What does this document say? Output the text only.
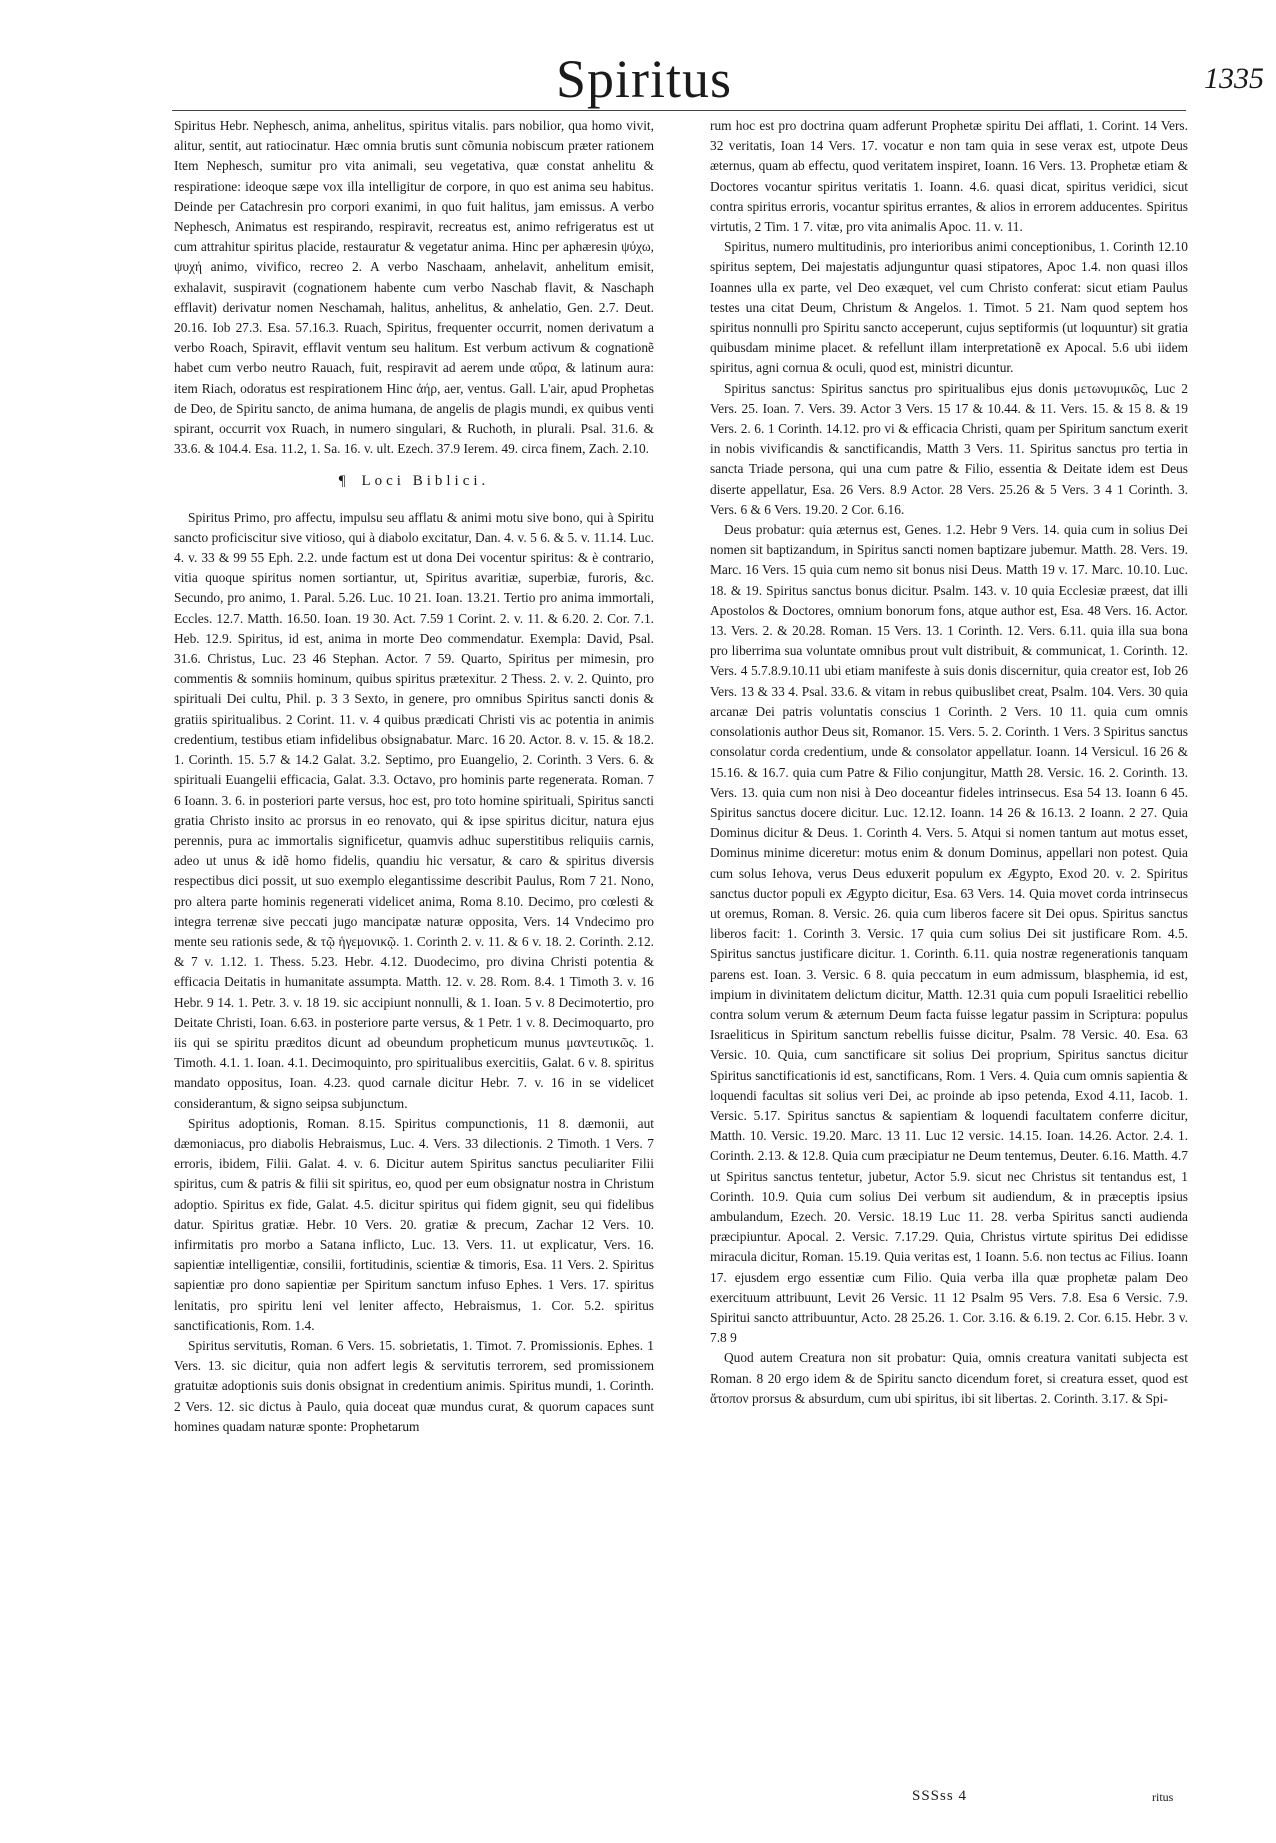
Spiritus	1335

Spiritus Hebr. Nephesch, anima, anhelitus, spiritus vitalis. pars nobilior, qua homo vivit, alitur, sentit, aut ratiocinatur. Hæc omnia brutis sunt cõmunia nobiscum præter rationem Item Nephesch, sumitur pro vita animali, seu vegetativa, quæ constat anhelitu & respiratione: ideoque sæpe vox illa intelligitur de corpore, in quo est anima seu habitus. Deinde per Catachresin pro corpori exanimi, in quo fuit halitus, jam emissus. A verbo Nephesch, Animatus est respirando, respiravit, recreatus est, animo refrigeratus est ut cum attrahitur spiritus placide, restauratur & vegetatur anima. Hinc per aphæresin ψύχω, ψυχή animo, vivifico, recreo 2. A verbo Naschaam, anhelavit, anhelitum emisit, exhalavit, suspiravit (cognationem habente cum verbo Naschab flavit, & Naschaph efflavit) derivatur nomen Neschamah, halitus, anhelitus, & anhelatio, Gen. 2.7. Deut. 20.16. Iob 27.3. Esa. 57.16.3. Ruach, Spiritus, frequenter occurrit, nomen derivatum a verbo Roach, Spiravit, efflavit ventum seu halitum. Est verbum activum & cognationẽ habet cum verbo neutro Rauach, fuit, respiravit ad aerem unde αὔρα, & latinum aura: item Riach, odoratus est respirationem Hinc ἀήρ, aer, ventus. Gall. L'air, apud Prophetas de Deo, de Spiritu sancto, de anima humana, de angelis de plagis mundi, ex quibus venti spirant, occurrit vox Ruach, in numero singulari, & Ruchoth, in plurali. Psal. 31.6. & 33.6. & 104.4. Esa. 11.2, 1. Sa. 16. v. ult. Ezech. 37.9 Ierem. 49. circa finem, Zach. 2.10.

¶ Loci Biblici.

Spiritus Primo, pro affectu, impulsu seu afflatu & animi motu sive bono, qui à Spiritu sancto proficiscitur sive vitioso, qui à diabolo excitatur, Dan. 4. v. 5 6. & 5. v. 11.14. Luc. 4. v. 33 & 99 55 Eph. 2.2. unde factum est ut dona Dei vocentur spiritus: & è contrario, vitia quoque spiritus nomen sortiantur, ut, Spiritus avaritiæ, superbiæ, furoris, &c. Secundo, pro animo, 1. Paral. 5.26. Luc. 10 21. Ioan. 13.21. Tertio pro anima immortali, Eccles. 12.7. Matth. 16.50. Ioan. 19 30. Act. 7.59 1 Corint. 2. v. 11. & 6.20. 2. Cor. 7.1. Heb. 12.9. Spiritus, id est, anima in morte Deo commendatur. Exempla: David, Psal. 31.6. Christus, Luc. 23 46 Stephan. Actor. 7 59. Quarto, Spiritus per mimesin, pro commentis & somniis hominum, quibus spiritus prætexitur. 2 Thess. 2. v. 2. Quinto, pro spirituali Dei cultu, Phil. p. 3 3 Sexto, in genere, pro omnibus Spiritus sancti donis & gratiis spiritualibus. 2 Corint. 11. v. 4 quibus prædicati Christi vis ac potentia in animis credentium, testibus etiam infidelibus obsignabatur. Marc. 16 20. Actor. 8. v. 15. & 18.2. 1. Corinth. 15. 5.7 & 14.2 Galat. 3.2. Septimo, pro Euangelio, 2. Corinth. 3 Vers. 6. & spirituali Euangelii efficacia, Galat. 3.3. Octavo, pro hominis parte regenerata. Roman. 7 6 Ioann. 3. 6. in posteriori parte versus, hoc est, pro toto homine spirituali, Spiritus sancti gratia Christo insito ac prorsus in eo renovato, qui & ipse spiritus dicitur, natura ejus perennis, pura ac immortalis significetur, quamvis adhuc superstitibus reliquiis carnis, adeo ut unus & idẽ homo fidelis, quandiu hic versatur, & caro & spiritus diversis respectibus dici possit, ut suo exemplo elegantissime describit Paulus, Rom 7 21. Nono, pro altera parte hominis regenerati videlicet anima, Roma 8.10. Decimo, pro cœlesti & integra terrenæ sive peccati jugo mancipatæ naturæ opposita, Vers. 14 Vndecimo pro mente seu rationis sede, & τῷ ἡγεμονικῷ. 1. Corinth 2. v. 11. & 6 v. 18. 2. Corinth. 2.12. & 7 v. 1.12. 1. Thess. 5.23. Hebr. 4.12. Duodecimo, pro divina Christi potentia & efficacia Deitatis in humanitate assumpta. Matth. 12. v. 28. Rom. 8.4. 1 Timoth 3. v. 16 Hebr. 9 14. 1. Petr. 3. v. 18 19. sic accipiunt nonnulli, & 1. Ioan. 5 v. 8 Decimotertio, pro Deitate Christi, Ioan. 6.63. in posteriore parte versus, & 1 Petr. 1 v. 8. Decimoquarto, pro iis qui se spiritu præditos dicunt ad obeundum propheticum munus μαντευτικῶς. 1. Timoth. 4.1. 1. Ioan. 4.1. Decimoquinto, pro spiritualibus exercitiis, Galat. 6 v. 8. spiritus mandato oppositus, Ioan. 4.23. quod carnale dicitur Hebr. 7. v. 16 in se videlicet considerantum, & signo seipsa subjunctum.

Spiritus adoptionis, Roman. 8.15. Spiritus compunctionis, 11 8. dæmonii, aut dæmoniacus, pro diabolis Hebraismus, Luc. 4. Vers. 33 dilectionis. 2 Timoth. 1 Vers. 7 erroris, ibidem, Filii. Galat. 4. v. 6. Dicitur autem Spiritus sanctus peculiariter Filii spiritus, cum & patris & filii sit spiritus, eo, quod per eum obsignatur nostra in Christum adoptio. Spiritus ex fide, Galat. 4.5. dicitur spiritus qui fidem gignit, seu qui fidelibus datur. Spiritus gratiæ. Hebr. 10 Vers. 20. gratiæ & precum, Zachar 12 Vers. 10. infirmitatis pro morbo a Satana inflicto, Luc. 13. Vers. 11. ut explicatur, Vers. 16. sapientiæ intelligentiæ, consilii, fortitudinis, scientiæ & timoris, Esa. 11 Vers. 2. Spiritus sapientiæ pro dono sapientiæ per Spiritum sanctum infuso Ephes. 1 Vers. 17. spiritus lenitatis, pro spiritu leni vel leniter affecto, Hebraismus, 1. Cor. 5.2. spiritus sanctificationis, Rom. 1.4.

Spiritus servitutis, Roman. 6 Vers. 15. sobrietatis, 1. Timot. 7. Promissionis. Ephes. 1 Vers. 13. sic dicitur, quia non adfert legis & servitutis terrorem, sed promissionem gratuitæ adoptionis suis donis obsignat in credentium animis. Spiritus mundi, 1. Corinth. 2 Vers. 12. sic dictus à Paulo, quia doceat quæ mundus curat, & quorum capaces sunt homines quadam naturæ sponte: Prophetarum

rum hoc est pro doctrina quam adferunt Prophetæ spiritu Dei afflati, 1. Corint. 14 Vers. 32 veritatis, Ioan 14 Vers. 17. vocatur e non tam quia in sese verax est, utpote Deus æternus, quam ab effectu, quod veritatem inspiret, Ioann. 16 Vers. 13. Prophetæ etiam & Doctores vocantur spiritus veritatis 1. Ioann. 4.6. quasi dicat, spiritus veridici, sicut contra spiritus erroris, vocantur spiritus errantes, & alios in errorem adducentes. Spiritus virtutis, 2 Tim. 1 7. vitæ, pro vita animalis Apoc. 11. v. 11.

Spiritus, numero multitudinis, pro interioribus animi conceptionibus, 1. Corinth 12.10 spiritus septem, Dei majestatis adjunguntur quasi stipatores, Apoc 1.4. non quasi illos Ioannes ulla ex parte, vel Deo exæquet, vel cum Christo conferat: sicut etiam Paulus testes una citat Deum, Christum & Angelos. 1. Timot. 5 21. Nam quod septem hos spiritus nonnulli pro Spiritu sancto acceperunt, cujus septiformis (ut loquuntur) sit gratia quibusdam minime placet. & refellunt illam interpretationẽ ex Apocal. 5.6 ubi iidem spiritus, agni cornua & oculi, quod est, ministri dicuntur.

Spiritus sanctus: Spiritus sanctus pro spiritualibus ejus donis μετωνυμικῶς, Luc 2 Vers. 25. Ioan. 7. Vers. 39. Actor 3 Vers. 15 17 & 10.44. & 11. Vers. 15. & 15 8. & 19 Vers. 2. 6. 1 Corinth. 14.12. pro vi & efficacia Christi, quam per Spiritum sanctum exerit in nobis vivificandis & sanctificandis, Matth 3 Vers. 11. Spiritus sanctus pro tertia in sancta Triade persona, qui una cum patre & Filio, essentia & Deitate idem est Deus diserte appellatur, Esa. 26 Vers. 8.9 Actor. 28 Vers. 25.26 & 5 Vers. 3 4 1 Corinth. 3. Vers. 6 & 6 Vers. 19.20. 2 Cor. 6.16.

Deus probatur: quia æternus est, Genes. 1.2. Hebr 9 Vers. 14. quia cum in solius Dei nomen sit baptizandum, in Spiritus sancti nomen baptizare jubemur. Matth. 28. Vers. 19. Marc. 16 Vers. 15 quia cum nemo sit bonus nisi Deus. Matth 19 v. 17. Marc. 10.10. Luc. 18. & 19. Spiritus sanctus bonus dicitur. Psalm. 143. v. 10 quia Ecclesiæ præest, dat illi Apostolos & Doctores, omnium bonorum fons, atque author est, Esa. 48 Vers. 16. Actor. 13. Vers. 2. & 20.28. Roman. 15 Vers. 13. 1 Corinth. 12. Vers. 6.11. quia illa sua bona pro liberrima sua voluntate omnibus prout vult distribuit, & communicat, 1. Corinth. 12. Vers. 4 5.7.8.9.10.11 ubi etiam manifeste à suis donis discernitur, quia creator est, Iob 26 Vers. 13 & 33 4. Psal. 33.6. & vitam in rebus quibuslibet creat, Psalm. 104. Vers. 30 quia arcanæ Dei patris voluntatis conscius 1 Corinth. 2 Vers. 10 11. quia cum omnis consolationis author Deus sit, Romanor. 15. Vers. 5. 2. Corinth. 1 Vers. 3 Spiritus sanctus consolatur corda credentium, unde & consolator appellatur. Ioann. 14 Versicul. 16 26 & 15.16. & 16.7. quia cum Patre & Filio conjungitur, Matth 28. Versic. 16. 2. Corinth. 13. Vers. 13. quia cum non nisi à Deo doceantur fideles intrinsecus. Esa 54 13. Ioann 6 45. Spiritus sanctus docere dicitur. Luc. 12.12. Ioann. 14 26 & 16.13. 2 Ioann. 2 27. Quia Dominus dicitur & Deus. 1. Corinth 4. Vers. 5. Atqui si nomen tantum aut motus esset, Dominus minime diceretur: motus enim & donum Dominus, appellari non potest. Quia cum solus Iehova, verus Deus eduxerit populum ex Ægypto, Exod 20. v. 2. Spiritus sanctus ductor populi ex Ægypto dicitur, Esa. 63 Vers. 14. Quia movet corda intrinsecus ut oremus, Roman. 8. Versic. 26. quia cum liberos facere sit Dei opus. Spiritus sanctus liberos facit: 1. Corinth 3. Versic. 17 quia cum solius Dei sit justificare Rom. 4.5. Spiritus sanctus justificare dicitur. 1. Corinth. 6.11. quia nostræ regenerationis tanquam parens est. Ioan. 3. Versic. 6 8. quia peccatum in eum admissum, blasphemia, id est, impium in divinitatem delictum dicitur, Matth. 12.31 quia cum populi Israelitici rebellio contra solum verum & æternum Deum facta fuisse legatur passim in Scriptura: populus Israeliticus in Spiritum sanctum rebellis fuisse dicitur, Psalm. 78 Versic. 40. Esa. 63 Versic. 10. Quia, cum sanctificare sit solius Dei proprium, Spiritus sanctus dicitur Spiritus sanctificationis id est, sanctificans, Rom. 1 Vers. 4. Quia cum omnis sapientia & loquendi facultas sit solius veri Dei, ac proinde ab ipso petenda, Exod 4.11, Iacob. 1. Versic. 5.17. Spiritus sanctus & sapientiam & loquendi facultatem conferre dicitur, Matth. 10. Versic. 19.20. Marc. 13 11. Luc 12 versic. 14.15. Ioan. 14.26. Actor. 2.4. 1. Corinth. 2.13. & 12.8. Quia cum præcipiatur ne Deum tentemus, Deuter. 6.16. Matth. 4.7 ut Spiritus sanctus tentetur, jubetur, Actor 5.9. sicut nec Christus sit tentandus est, 1 Corinth. 10.9. Quia cum solius Dei verbum sit audiendum, & in præceptis ipsius ambulandum, Ezech. 20. Versic. 18.19 Luc 11. 28. verba Spiritus sancti audienda præcipiuntur. Apocal. 2. Versic. 7.17.29. Quia, Christus virtute spiritus Dei edidisse miracula dicitur, Roman. 15.19. Quia veritas est, 1 Ioann. 5.6. non tectus ac Filius. Ioann 17. ejusdem ergo essentiæ cum Filio. Quia verba illa quæ prophetæ palam Deo exercituum attribuunt, Levit 26 Versic. 11 12 Psalm 95 Vers. 7.8. Esa 6 Versic. 7.9. Spiritui sancto attribuuntur, Acto. 28 25.26. 1. Cor. 3.16. & 6.19. 2. Cor. 6.15. Hebr. 3 v. 7.8 9

Quod autem Creatura non sit probatur: Quia, omnis creatura vanitati subjecta est Roman. 8 20 ergo idem & de Spiritu sancto dicendum foret, si creatura esset, quod est ἄτοπον prorsus & absurdum, cum ubi spiritus, ibi sit libertas. 2. Corinth. 3.17. & Spi-

SSSss 4	ritus
